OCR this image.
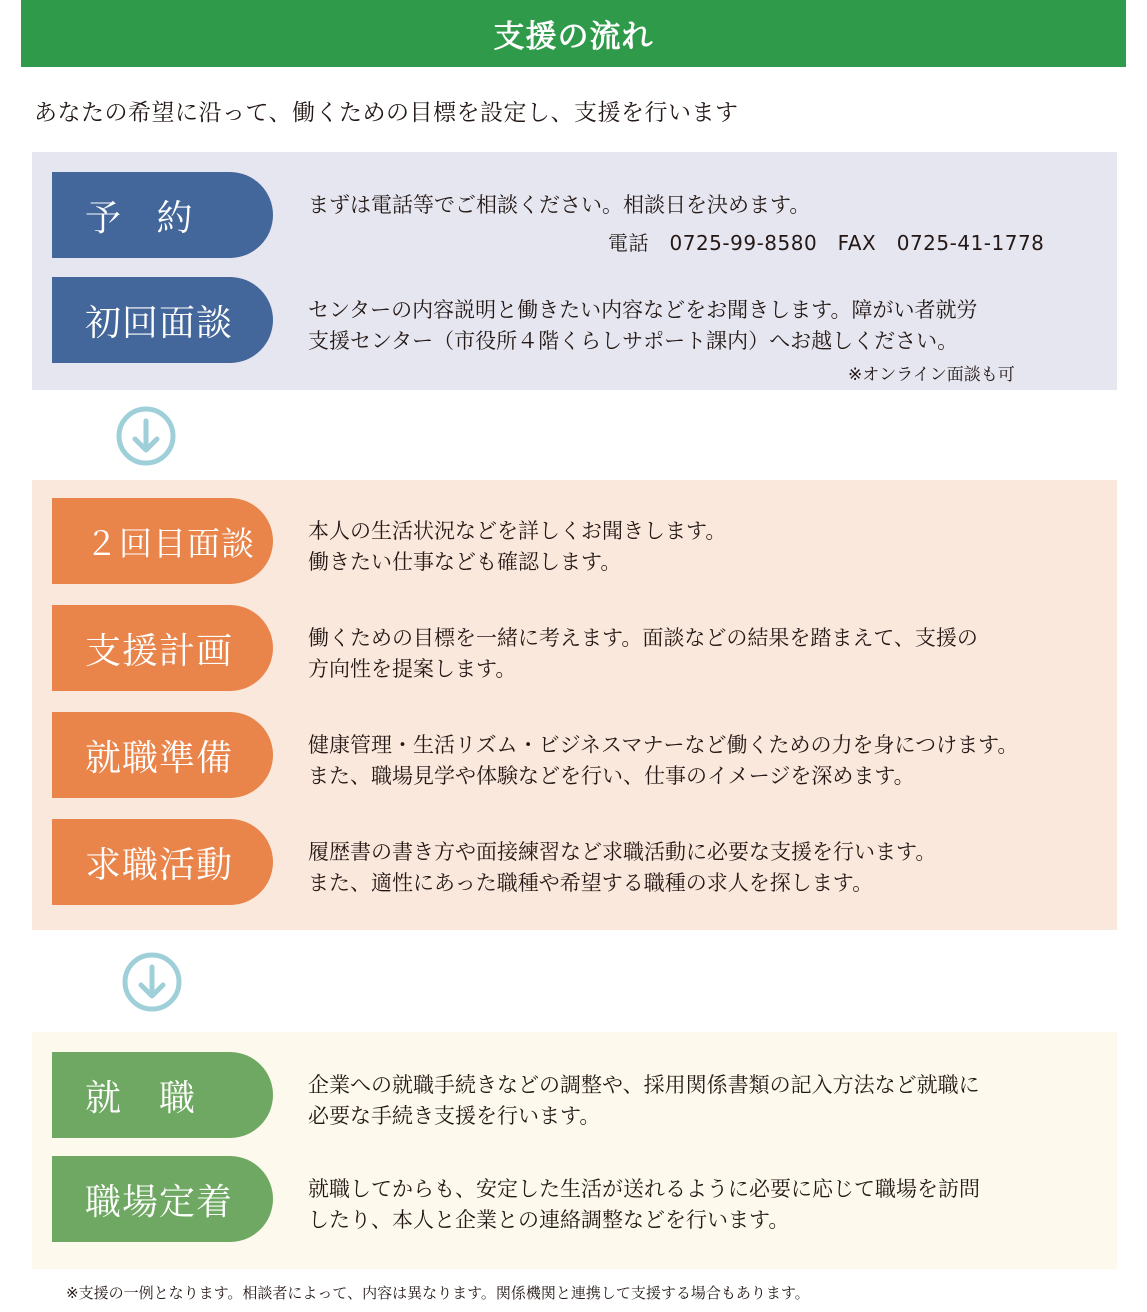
支援の流れ
あなたの希望に沿って、働くための目標を設定し、支援を行います
予 約	まずは電話等でご相談ください。相談日を決めます。

電話　0725-99-8580　FAX　0725-41-1778
初回面談	センターの内容説明と働きたい内容などをお聞きします。障がい者就労

支援センター（市役所４階くらしサポート課内）へお越しください。

※オンライン面談も可
２回目面談	本人の生活状況などを詳しくお聞きします。

働きたい仕事なども確認します。

支援計画	働くための目標を一緒に考えます。面談などの結果を踏まえて、支援の

方向性を提案します。

就職準備	健康管理・生活リズム・ビジネスマナーなど働くための力を身につけます。

また、職場見学や体験などを行い、仕事のイメージを深めます。

求職活動	履歴書の書き方や面接練習など求職活動に必要な支援を行います。

また、適性にあった職種や希望する職種の求人を探します。

就　職	企業への就職手続きなどの調整や、採用関係書類の記入方法など就職に

必要な手続き支援を行います。

職場定着	就職してからも、安定した生活が送れるように必要に応じて職場を訪問

したり、本人と企業との連絡調整などを行います。

※支援の一例となります。相談者によって、内容は異なります。関係機関と連携して支援する場合もあります。
